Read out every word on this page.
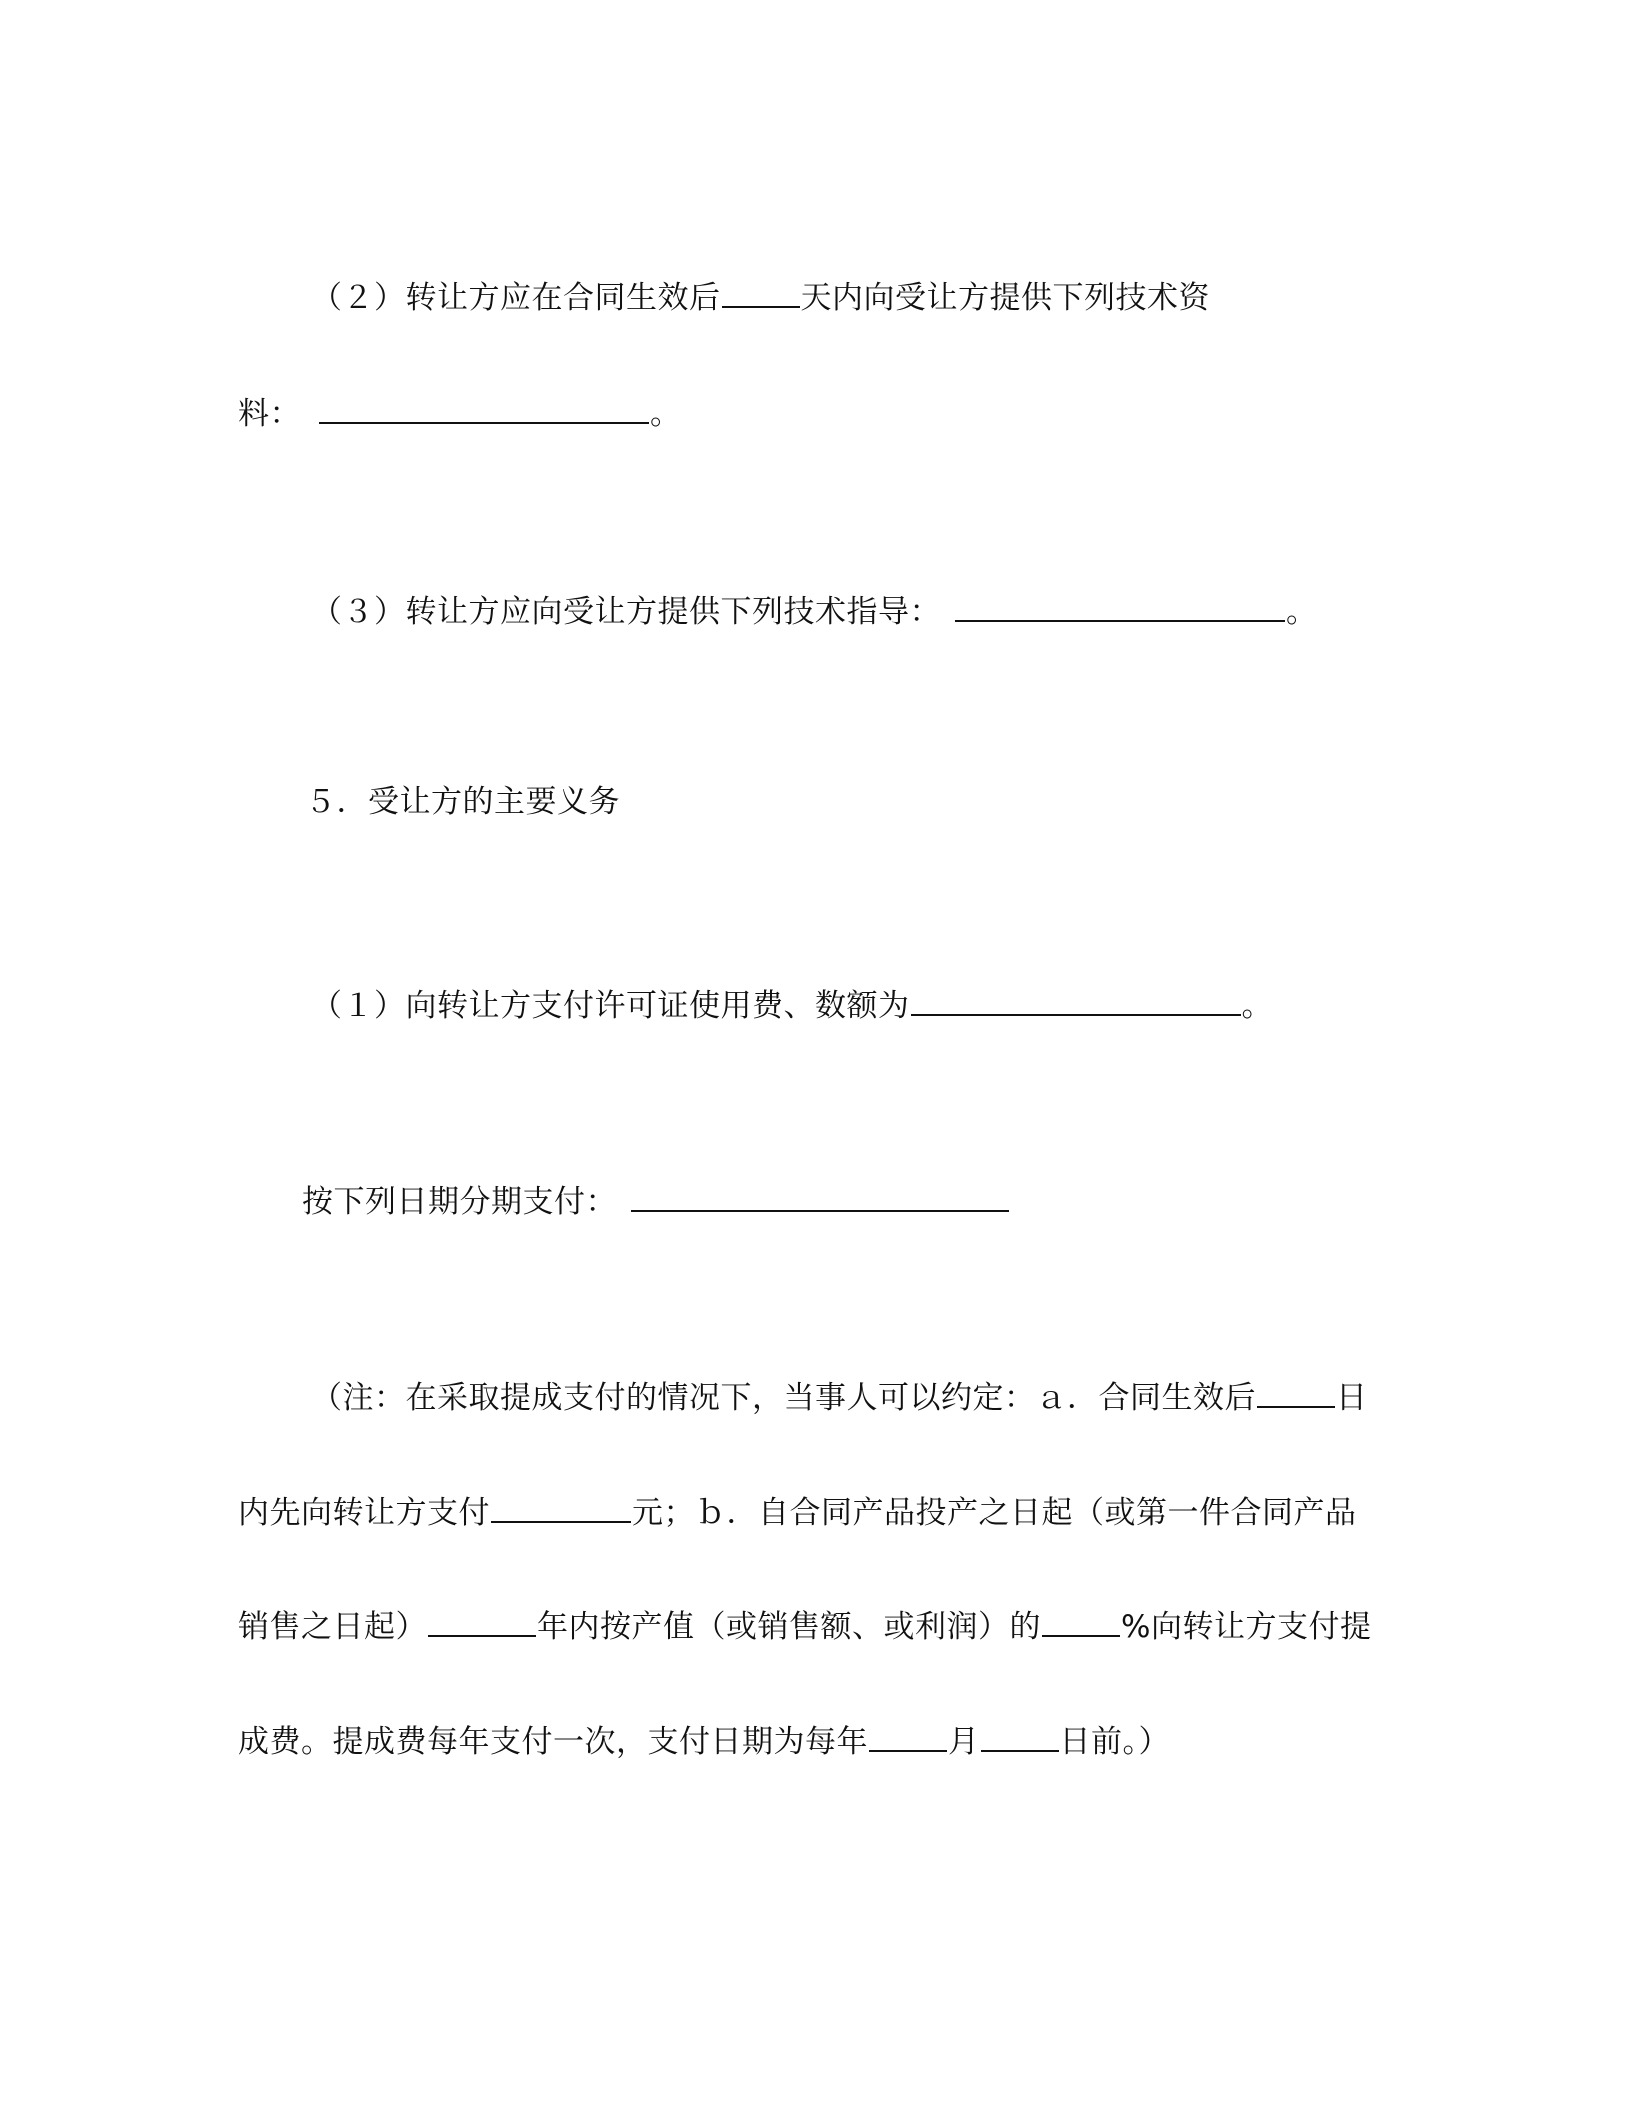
（２）转让方应在合同生效后	天内向受让方提供下列技术资
料：	。
（３）转让方应向受让方提供下列技术指导：	。
５．受让方的主要义务
（１）向转让方支付许可证使用费、数额为	。
按下列日期分期支付：
（注：在采取提成支付的情况下，当事人可以约定：ａ．合同生效后	日
内先向转让方支付	元；ｂ．自合同产品投产之日起（或第一件合同产品
销售之日起）	年内按产值（或销售额、或利润）的	%向转让方支付提
成费。提成费每年支付一次，支付日期为每年	月	日前。）
